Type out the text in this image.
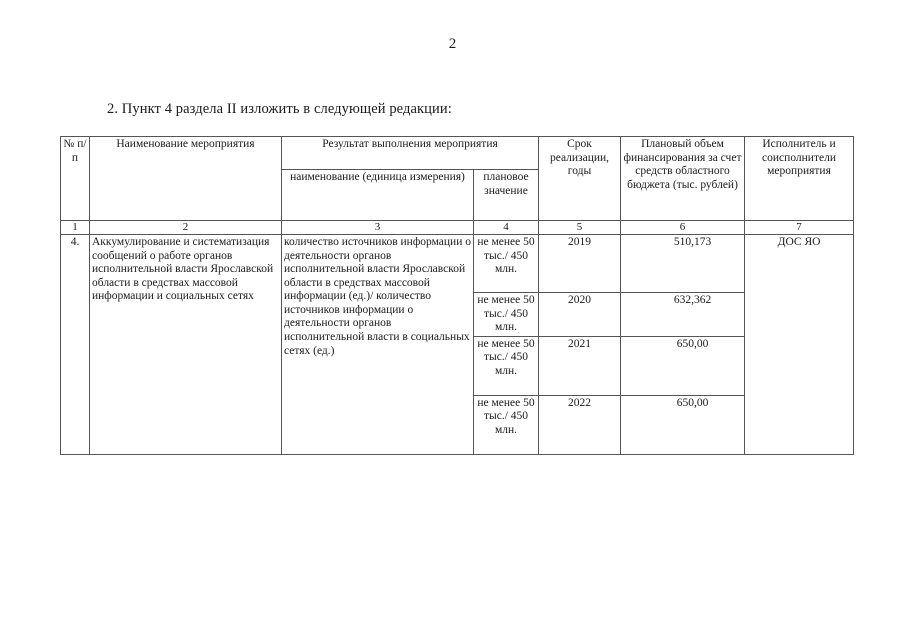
2
2. Пункт 4 раздела II изложить в следующей редакции:
№ п/п	Наименование мероприятия	Результат выполнения мероприятия		Срок реализации, годы	Плановый объем финансирования за счет средств областного бюджета (тыс. рублей)	Исполнитель и соисполнители мероприятия
		наименование (единица измерения)	плановое значение			
1	2	3	4	5	6	7
4.	Аккумулирование и систематизация сообщений о работе органов исполнительной власти Ярославской области в средствах массовой информации и социальных сетях	количество источников информации о деятельности органов исполнительной власти Ярославской области в средствах массовой информации (ед.)/ количество источников информации о деятельности органов исполнительной власти в социальных сетях (ед.)	не менее 50 тыс./ 450 млн.	2019	510,173	ДОС ЯО
			не менее 50 тыс./ 450 млн.	2020	632,362	
			не менее 50 тыс./ 450 млн.	2021	650,00	
			не менее 50 тыс./ 450 млн.	2022	650,00	
